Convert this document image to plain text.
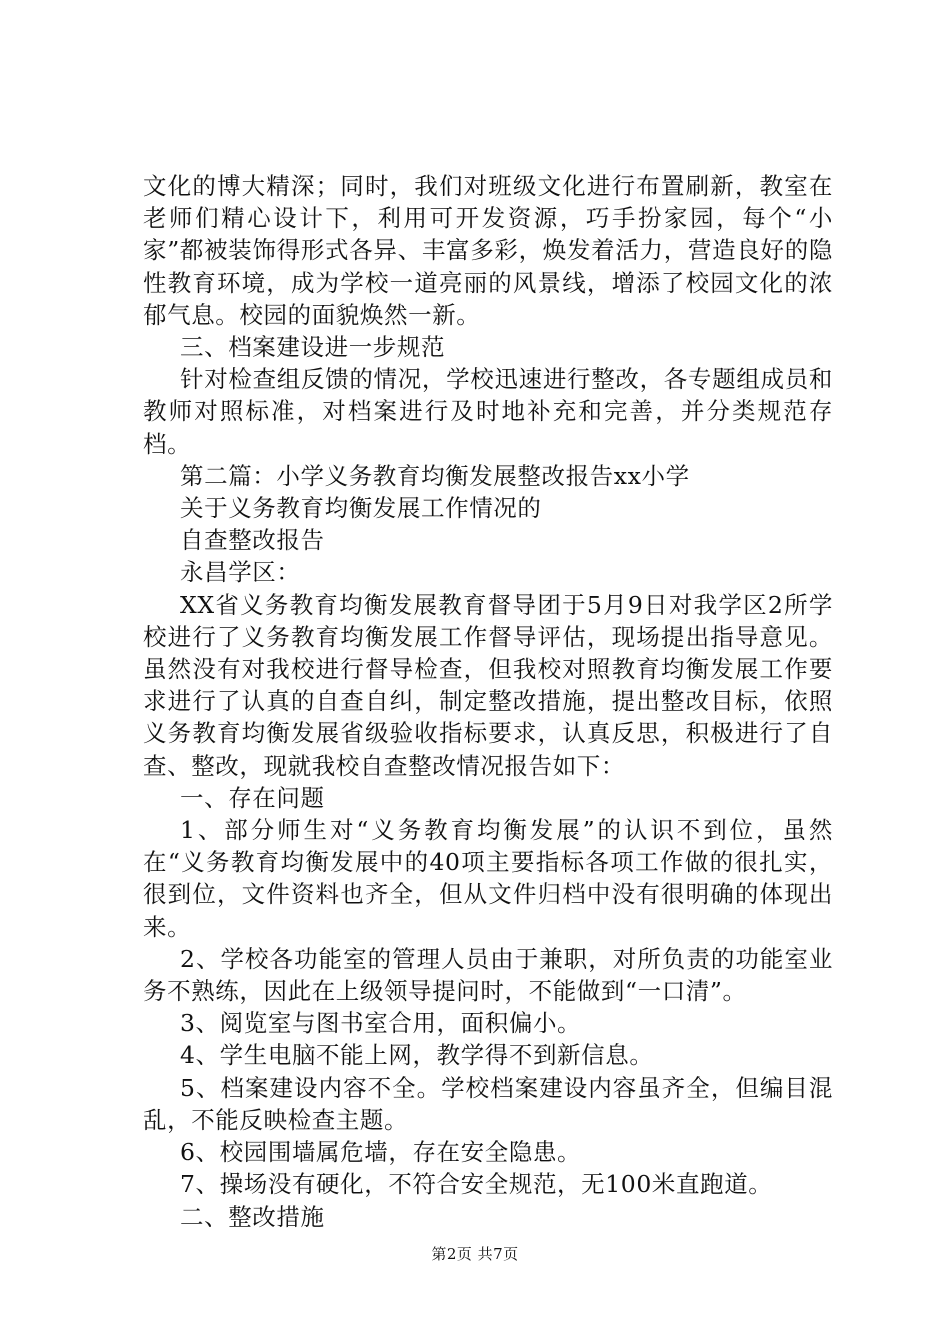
文化的博大精深；同时，我们对班级文化进行布置刷新，教室在老师们精心设计下，利用可开发资源，巧手扮家园，每个“小家”都被装饰得形式各异、丰富多彩，焕发着活力，营造良好的隐性教育环境，成为学校一道亮丽的风景线，增添了校园文化的浓郁气息。校园的面貌焕然一新。

三、档案建设进一步规范

针对检查组反馈的情况，学校迅速进行整改，各专题组成员和教师对照标准，对档案进行及时地补充和完善，并分类规范存档。

第二篇：小学义务教育均衡发展整改报告xx小学

关于义务教育均衡发展工作情况的

自查整改报告

永昌学区：

XX省义务教育均衡发展教育督导团于5月9日对我学区2所学校进行了义务教育均衡发展工作督导评估，现场提出指导意见。虽然没有对我校进行督导检查，但我校对照教育均衡发展工作要求进行了认真的自查自纠，制定整改措施，提出整改目标，依照义务教育均衡发展省级验收指标要求，认真反思，积极进行了自查、整改，现就我校自查整改情况报告如下：

一、存在问题

1、部分师生对“义务教育均衡发展”的认识不到位，虽然在“义务教育均衡发展中的40项主要指标各项工作做的很扎实，很到位，文件资料也齐全，但从文件归档中没有很明确的体现出来。

2、学校各功能室的管理人员由于兼职，对所负责的功能室业务不熟练，因此在上级领导提问时，不能做到“一口清”。

3、阅览室与图书室合用，面积偏小。

4、学生电脑不能上网，教学得不到新信息。

5、档案建设内容不全。学校档案建设内容虽齐全，但编目混乱，不能反映检查主题。

6、校园围墙属危墙，存在安全隐患。

7、操场没有硬化，不符合安全规范，无100米直跑道。

二、整改措施

第2页 共7页
